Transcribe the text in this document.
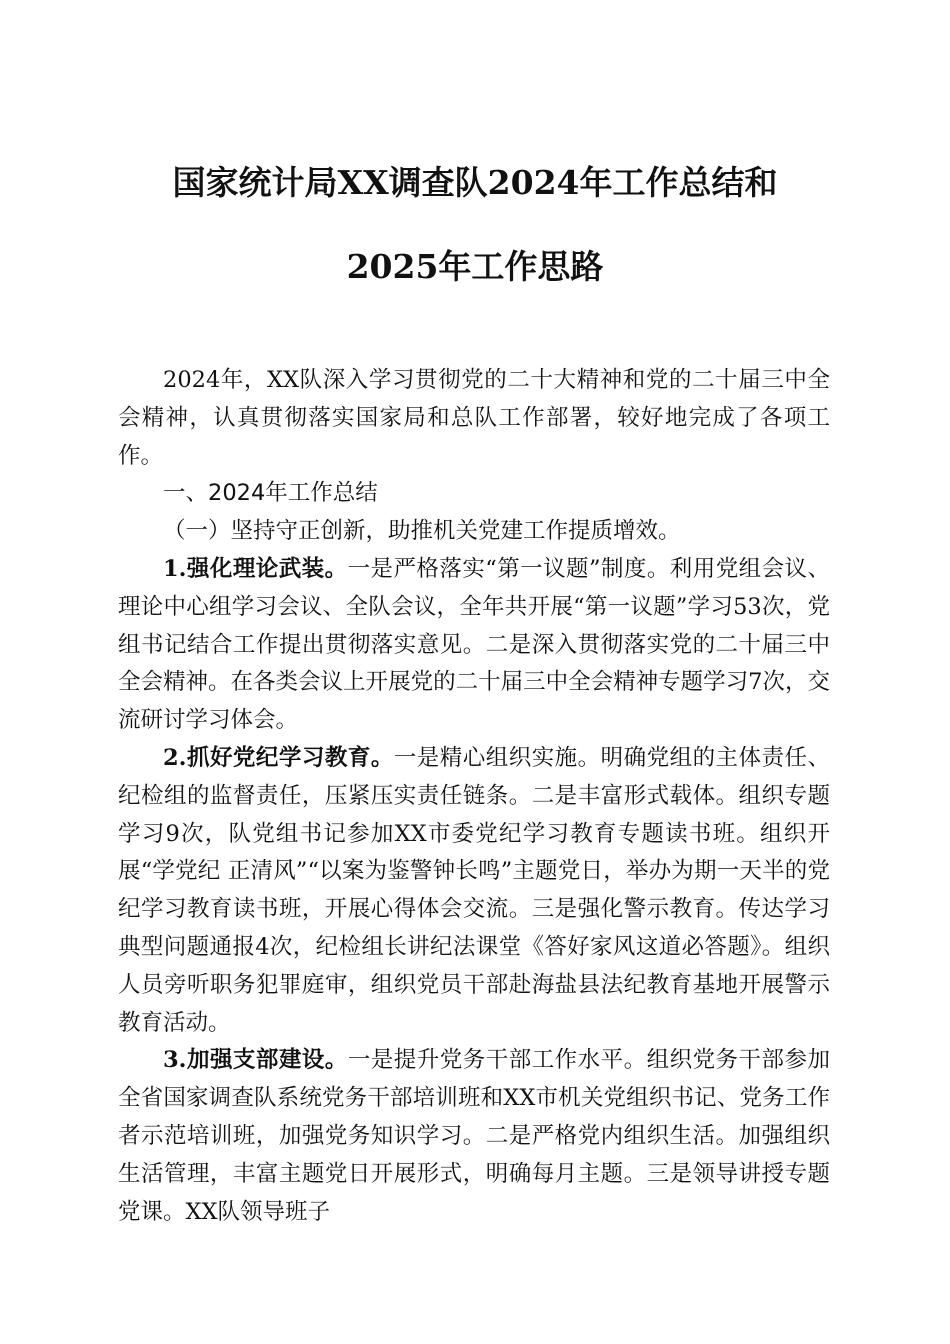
国家统计局XX调查队2024年工作总结和
2025年工作思路

2024年，XX队深入学习贯彻党的二十大精神和党的二十届三中全会精神，认真贯彻落实国家局和总队工作部署，较好地完成了各项工作。

一、2024年工作总结

（一）坚持守正创新，助推机关党建工作提质增效。

1.强化理论武装。一是严格落实“第一议题”制度。利用党组会议、理论中心组学习会议、全队会议，全年共开展“第一议题”学习53次，党组书记结合工作提出贯彻落实意见。二是深入贯彻落实党的二十届三中全会精神。在各类会议上开展党的二十届三中全会精神专题学习7次，交流研讨学习体会。

2.抓好党纪学习教育。一是精心组织实施。明确党组的主体责任、纪检组的监督责任，压紧压实责任链条。二是丰富形式载体。组织专题学习9次，队党组书记参加XX市委党纪学习教育专题读书班。组织开展“学党纪 正清风”“以案为鉴警钟长鸣”主题党日，举办为期一天半的党纪学习教育读书班，开展心得体会交流。三是强化警示教育。传达学习典型问题通报4次，纪检组长讲纪法课堂《答好家风这道必答题》。组织人员旁听职务犯罪庭审，组织党员干部赴海盐县法纪教育基地开展警示教育活动。

3.加强支部建设。一是提升党务干部工作水平。组织党务干部参加全省国家调查队系统党务干部培训班和XX市机关党组织书记、党务工作者示范培训班，加强党务知识学习。二是严格党内组织生活。加强组织生活管理，丰富主题党日开展形式，明确每月主题。三是领导讲授专题党课。XX队领导班子
